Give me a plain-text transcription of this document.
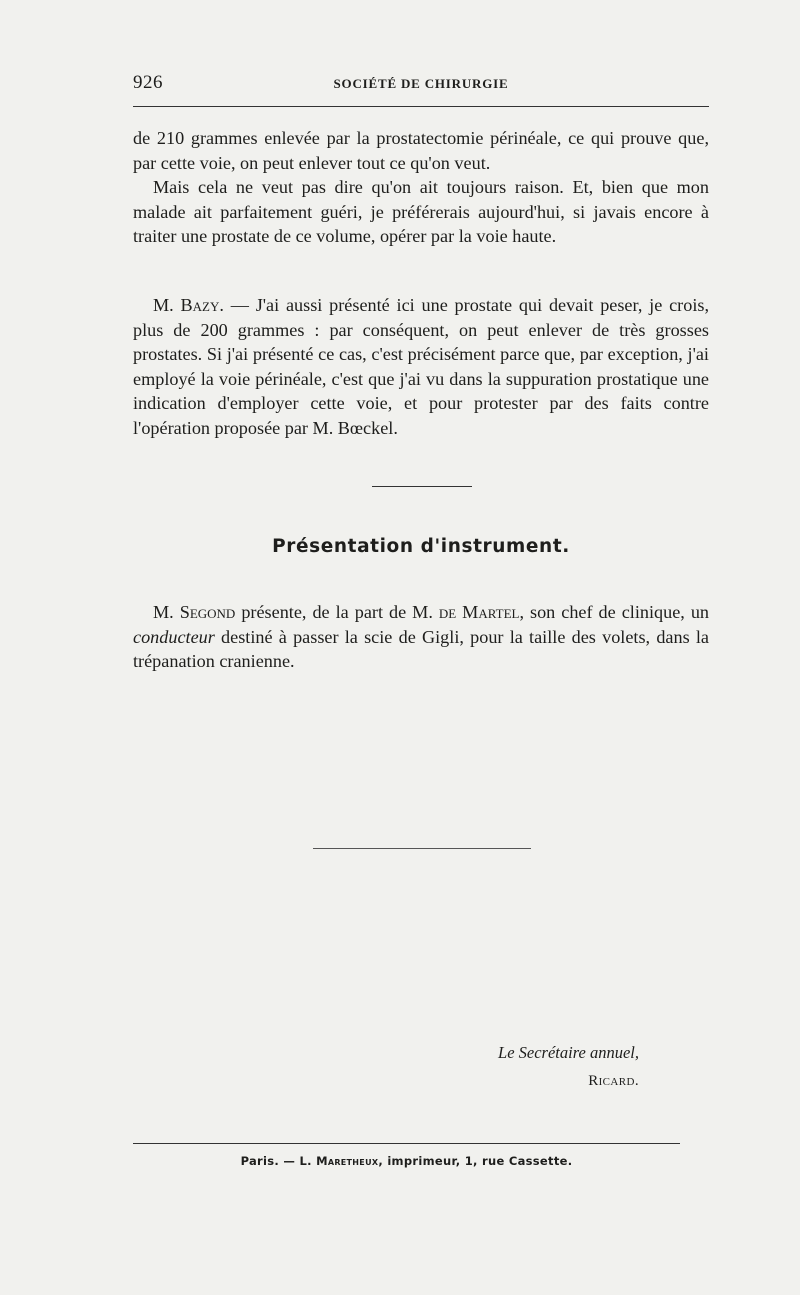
926	SOCIÉTÉ DE CHIRURGIE

de 210 grammes enlevée par la prostatectomie périnéale, ce qui prouve que, par cette voie, on peut enlever tout ce qu'on veut.

Mais cela ne veut pas dire qu'on ait toujours raison. Et, bien que mon malade ait parfaitement guéri, je préférerais aujourd'hui, si javais encore à traiter une prostate de ce volume, opérer par la voie haute.

M. Bazy. — J'ai aussi présenté ici une prostate qui devait peser, je crois, plus de 200 grammes : par conséquent, on peut enlever de très grosses prostates. Si j'ai présenté ce cas, c'est précisément parce que, par exception, j'ai employé la voie périnéale, c'est que j'ai vu dans la suppuration prostatique une indication d'employer cette voie, et pour protester par des faits contre l'opération proposée par M. Bœckel.

Présentation d'instrument.

M. Segond présente, de la part de M. de Martel, son chef de clinique, un conducteur destiné à passer la scie de Gigli, pour la taille des volets, dans la trépanation cranienne.

Le Secrétaire annuel,
Ricard.
Paris. — L. Maretheux, imprimeur, 1, rue Cassette.
